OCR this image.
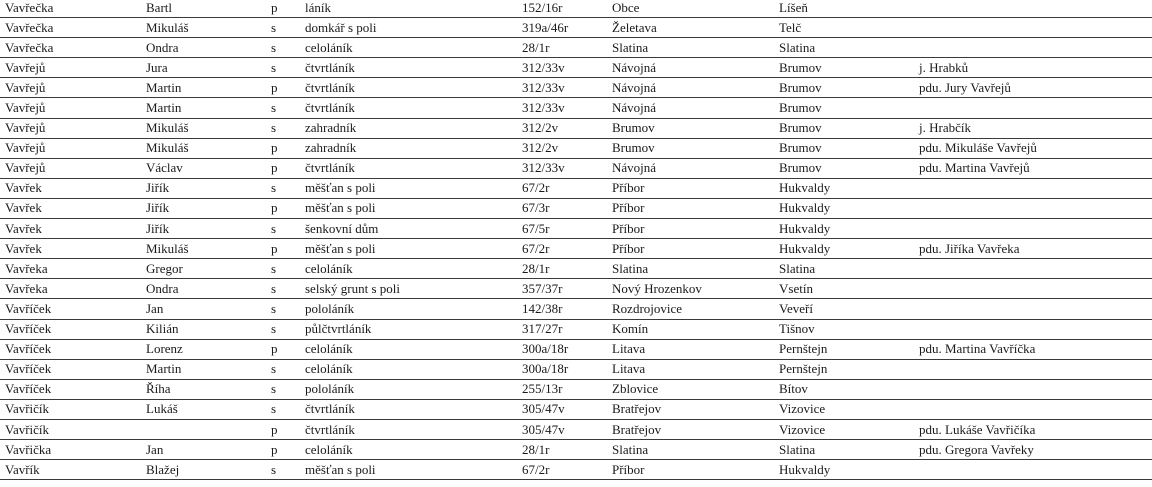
Vavřečka	Bartl	p	láník	152/16r	Obce	Líšeň	
Vavřečka	Mikuláš	s	domkář s poli	319a/46r	Želetava	Telč	
Vavřečka	Ondra	s	celoláník	28/1r	Slatina	Slatina	
Vavřejů	Jura	s	čtvrtláník	312/33v	Návojná	Brumov	j. Hrabků
Vavřejů	Martin	p	čtvrtláník	312/33v	Návojná	Brumov	pdu. Jury Vavřejů
Vavřejů	Martin	s	čtvrtláník	312/33v	Návojná	Brumov	
Vavřejů	Mikuláš	s	zahradník	312/2v	Brumov	Brumov	j. Hrabčík
Vavřejů	Mikuláš	p	zahradník	312/2v	Brumov	Brumov	pdu. Mikuláše Vavřejů
Vavřejů	Václav	p	čtvrtláník	312/33v	Návojná	Brumov	pdu. Martina Vavřejů
Vavřek	Jiřík	s	měšťan s poli	67/2r	Příbor	Hukvaldy	
Vavřek	Jiřík	p	měšťan s poli	67/3r	Příbor	Hukvaldy	
Vavřek	Jiřík	s	šenkovní dům	67/5r	Příbor	Hukvaldy	
Vavřek	Mikuláš	p	měšťan s poli	67/2r	Příbor	Hukvaldy	pdu. Jiříka Vavřeka
Vavřeka	Gregor	s	celoláník	28/1r	Slatina	Slatina	
Vavřeka	Ondra	s	selský grunt s poli	357/37r	Nový Hrozenkov	Vsetín	
Vavříček	Jan	s	pololáník	142/38r	Rozdrojovice	Veveří	
Vavříček	Kilián	s	půlčtvrtláník	317/27r	Komín	Tišnov	
Vavříček	Lorenz	p	celoláník	300a/18r	Litava	Pernštejn	pdu. Martina Vavříčka
Vavříček	Martin	s	celoláník	300a/18r	Litava	Pernštejn	
Vavříček	Říha	s	pololáník	255/13r	Zblovice	Bítov	
Vavřičík	Lukáš	s	čtvrtláník	305/47v	Bratřejov	Vizovice	
Vavřičík		p	čtvrtláník	305/47v	Bratřejov	Vizovice	pdu. Lukáše Vavřičíka
Vavřička	Jan	p	celoláník	28/1r	Slatina	Slatina	pdu. Gregora Vavřeky
Vavřík	Blažej	s	měšťan s poli	67/2r	Příbor	Hukvaldy	
